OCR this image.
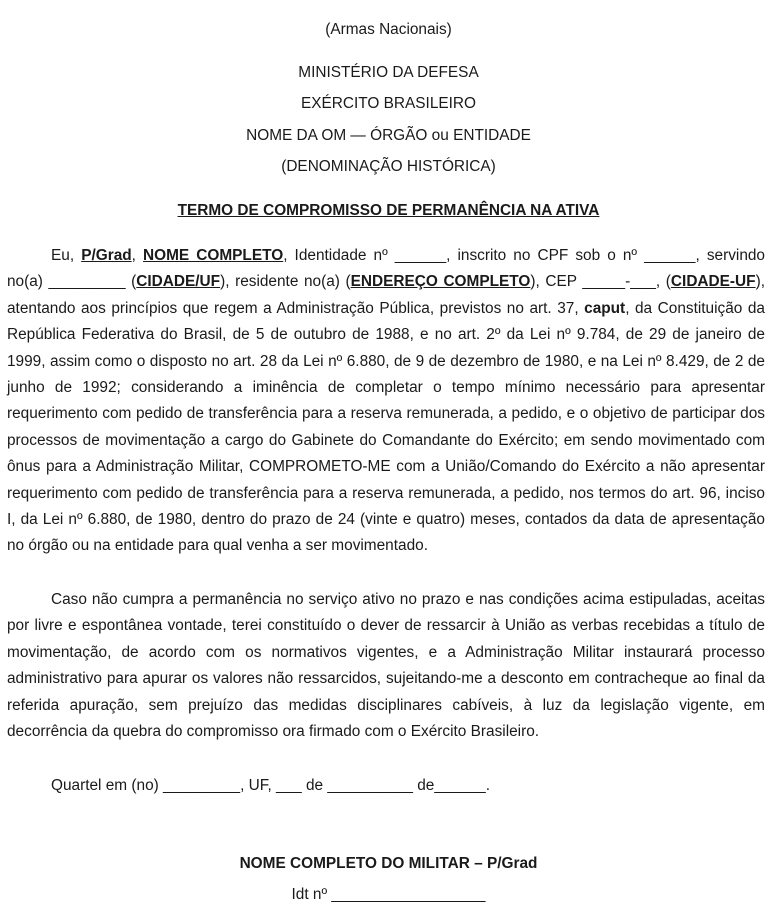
(Armas Nacionais)
MINISTÉRIO DA DEFESA
EXÉRCITO BRASILEIRO
NOME DA OM — ÓRGÃO ou ENTIDADE
(DENOMINAÇÃO HISTÓRICA)
TERMO DE COMPROMISSO DE PERMANÊNCIA NA ATIVA

Eu, P/Grad, NOME COMPLETO, Identidade nº ______, inscrito no CPF sob o nº ______, servindo no(a) _________ (CIDADE/UF), residente no(a) (ENDEREÇO COMPLETO), CEP _____-___, (CIDADE-UF), atentando aos princípios que regem a Administração Pública, previstos no art. 37, caput, da Constituição da República Federativa do Brasil, de 5 de outubro de 1988, e no art. 2º da Lei nº 9.784, de 29 de janeiro de 1999, assim como o disposto no art. 28 da Lei nº 6.880, de 9 de dezembro de 1980, e na Lei nº 8.429, de 2 de junho de 1992; considerando a iminência de completar o tempo mínimo necessário para apresentar requerimento com pedido de transferência para a reserva remunerada, a pedido, e o objetivo de participar dos processos de movimentação a cargo do Gabinete do Comandante do Exército; em sendo movimentado com ônus para a Administração Militar, COMPROMETO-ME com a União/Comando do Exército a não apresentar requerimento com pedido de transferência para a reserva remunerada, a pedido, nos termos do art. 96, inciso I, da Lei nº 6.880, de 1980, dentro do prazo de 24 (vinte e quatro) meses, contados da data de apresentação no órgão ou na entidade para qual venha a ser movimentado.

Caso não cumpra a permanência no serviço ativo no prazo e nas condições acima estipuladas, aceitas por livre e espontânea vontade, terei constituído o dever de ressarcir à União as verbas recebidas a título de movimentação, de acordo com os normativos vigentes, e a Administração Militar instaurará processo administrativo para apurar os valores não ressarcidos, sujeitando-me a desconto em contracheque ao final da referida apuração, sem prejuízo das medidas disciplinares cabíveis, à luz da legislação vigente, em decorrência da quebra do compromisso ora firmado com o Exército Brasileiro.

Quartel em (no) _________, UF, ___ de __________ de______.
NOME COMPLETO DO MILITAR – P/Grad
Idt nº __________________
